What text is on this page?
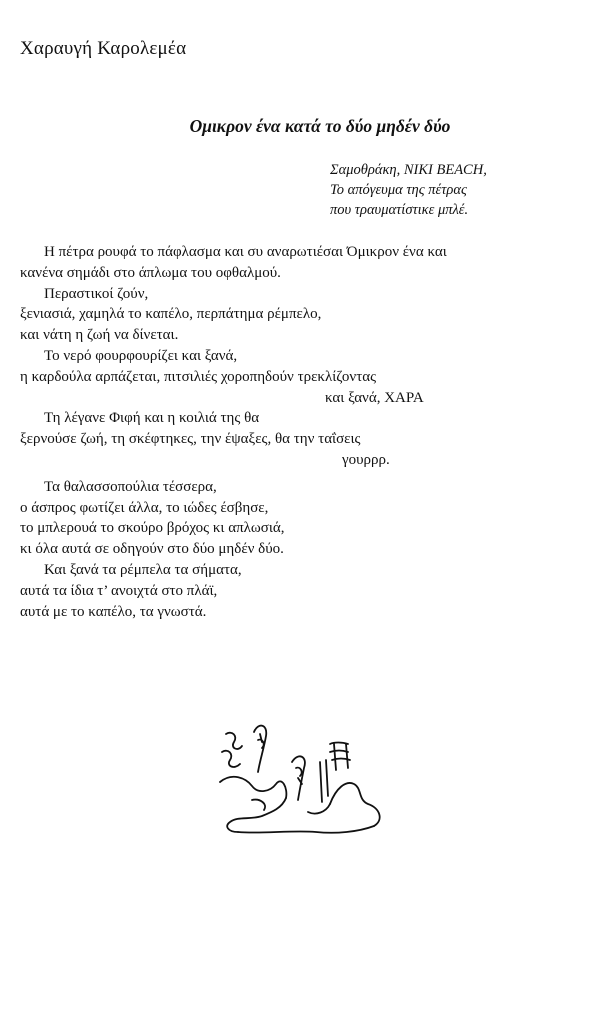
Χαραυγή Καρολεμέα
Ομικρον ένα κατά το δύο μηδέν δύο
Σαμοθράκη, NIKI BEACH,
Το απόγευμα της πέτρας
που τραυματίστικε μπλέ.
Η πέτρα ρουφά το πάφλασμα και συ αναρωτιέσαι Όμικρον ένα και
κανένα σημάδι στο άπλωμα του οφθαλμού.
Περαστικοί ζούν,
ξενιασιά, χαμηλά το καπέλο, περπάτημα ρέμπελο,
και νάτη η ζωή να δίνεται.
Το νερό φουρφουρίζει και ξανά,
η καρδούλα αρπάζεται, πιτσιλιές χοροπηδούν τρεκλίζοντας
και ξανά, ΧΑΡΑ
Τη λέγανε Φιφή και η κοιλιά της θα
ξερνούσε ζωή, τη σκέφτηκες, την έψαξες, θα την ταΐσεις
γουρρρ.
Τα θαλασσοπούλια τέσσερα,
ο άσπρος φωτίζει άλλα, το ιώδες έσβησε,
το μπλερουά το σκούρο βρόχος κι απλωσιά,
κι όλα αυτά σε οδηγούν στο δύο μηδέν δύο.
Και ξανά τα ρέμπελα τα σήματα,
αυτά τα ίδια τ’ ανοιχτά στο πλάϊ,
αυτά με το καπέλο, τα γνωστά.
